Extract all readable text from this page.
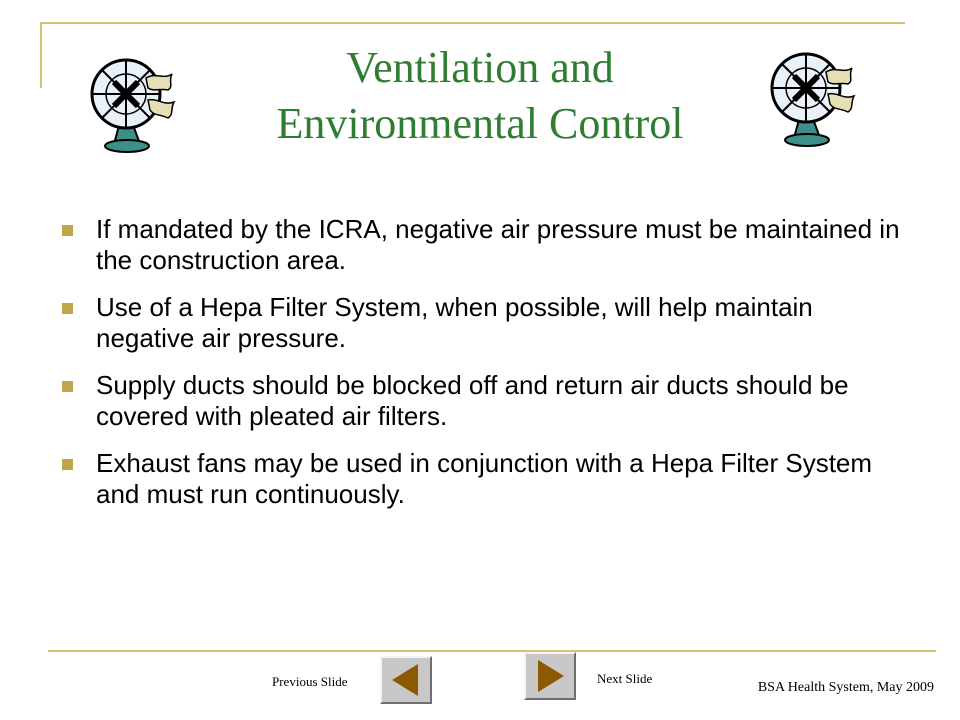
Ventilation and
Environmental Control
If mandated by the ICRA, negative air pressure must be maintained in the construction area.
Use of a Hepa Filter System, when possible, will help maintain negative air pressure.
Supply ducts should be blocked off and return air ducts should be covered with pleated air filters.
Exhaust fans may be used in conjunction with a Hepa Filter System and must run continuously.
Previous Slide	Next Slide
BSA Health System, May 2009
